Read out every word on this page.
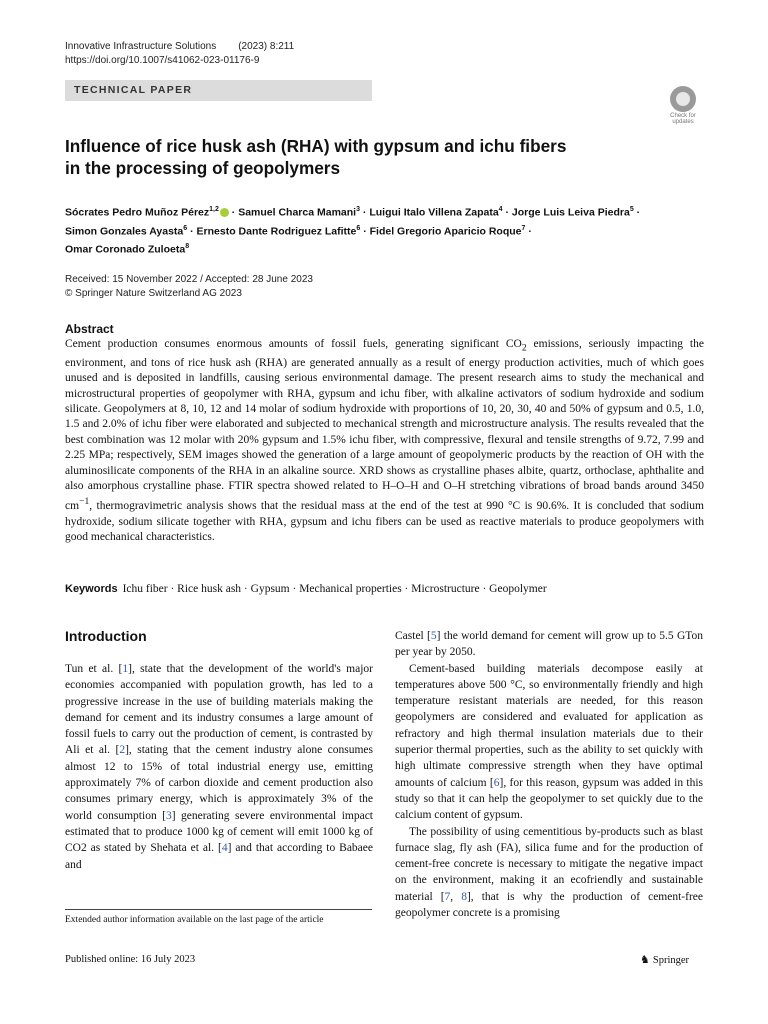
Innovative Infrastructure Solutions (2023) 8:211
https://doi.org/10.1007/s41062-023-01176-9
TECHNICAL PAPER
Check for
updates
Influence of rice husk ash (RHA) with gypsum and ichu fibers
in the processing of geopolymers
Sócrates Pedro Muñoz Pérez$^{1,2}$ · Samuel Charca Mamani$^3$ · Luigui Italo Villena Zapata$^4$ · Jorge Luis Leiva Piedra$^5$ ·
Simon Gonzales Ayasta$^6$ · Ernesto Dante Rodriguez Lafitte$^6$ · Fidel Gregorio Aparicio Roque$^7$ ·
Omar Coronado Zuloeta$^8$
Received: 15 November 2022 / Accepted: 28 June 2023
© Springer Nature Switzerland AG 2023
Abstract

Cement production consumes enormous amounts of fossil fuels, generating significant $CO_2$ emissions, seriously impacting the environment, and tons of rice husk ash (RHA) are generated annually as a result of energy production activities, much of which goes unused and is deposited in landfills, causing serious environmental damage. The present research aims to study the mechanical and microstructural properties of geopolymer with RHA, gypsum and ichu fiber, with alkaline activators of sodium hydroxide and sodium silicate. Geopolymers at 8, 10, 12 and 14 molar of sodium hydroxide with proportions of 10, 20, 30, 40 and 50% of gypsum and 0.5, 1.0, 1.5 and 2.0% of ichu fiber were elaborated and subjected to mechanical strength and microstructure analysis. The results revealed that the best combination was 12 molar with 20% gypsum and 1.5% ichu fiber, with compressive, flexural and tensile strengths of 9.72, 7.99 and 2.25 MPa; respectively, SEM images showed the generation of a large amount of geopolymeric products by the reaction of OH with the aluminosilicate components of the RHA in an alkaline source. XRD shows as crystalline phases albite, quartz, orthoclase, aphthalite and also amorphous crystalline phase. FTIR spectra showed related to H–O–H and O–H stretching vibrations of broad bands around 3450 $cm^{-1}$, thermogravimetric analysis shows that the residual mass at the end of the test at 990 °C is 90.6%. It is concluded that sodium hydroxide, sodium silicate together with RHA, gypsum and ichu fibers can be used as reactive materials to produce geopolymers with good mechanical characteristics.

Keywords Ichu fiber · Rice husk ash · Gypsum · Mechanical properties · Microstructure · Geopolymer
Introduction

Tun et al. [1], state that the development of the world's major economies accompanied with population growth, has led to a progressive increase in the use of building materials making the demand for cement and its industry consumes a large amount of fossil fuels to carry out the production of cement, is contrasted by Ali et al. [2], stating that the cement industry alone consumes almost 12 to 15% of total industrial energy use, emitting approximately 7% of carbon dioxide and cement production also consumes primary energy, which is approximately 3% of the world consumption [3] generating severe environmental impact estimated that to produce 1000 kg of cement will emit 1000 kg of CO2 as stated by Shehata et al. [4] and that according to Babaee and

Castel [5] the world demand for cement will grow up to 5.5 GTon per year by 2050.

Cement-based building materials decompose easily at temperatures above 500 °C, so environmentally friendly and high temperature resistant materials are needed, for this reason geopolymers are considered and evaluated for application as refractory and high thermal insulation materials due to their superior thermal properties, such as the ability to set quickly with high ultimate compressive strength when they have optimal amounts of calcium [6], for this reason, gypsum was added in this study so that it can help the geopolymer to set quickly due to the calcium content of gypsum.

The possibility of using cementitious by-products such as blast furnace slag, fly ash (FA), silica fume and for the production of cement-free concrete is necessary to mitigate the negative impact on the environment, making it an ecofriendly and sustainable material [7, 8], that is why the production of cement-free geopolymer concrete is a promising

Extended author information available on the last page of the article
Published online: 16 July 2023	♞ Springer
